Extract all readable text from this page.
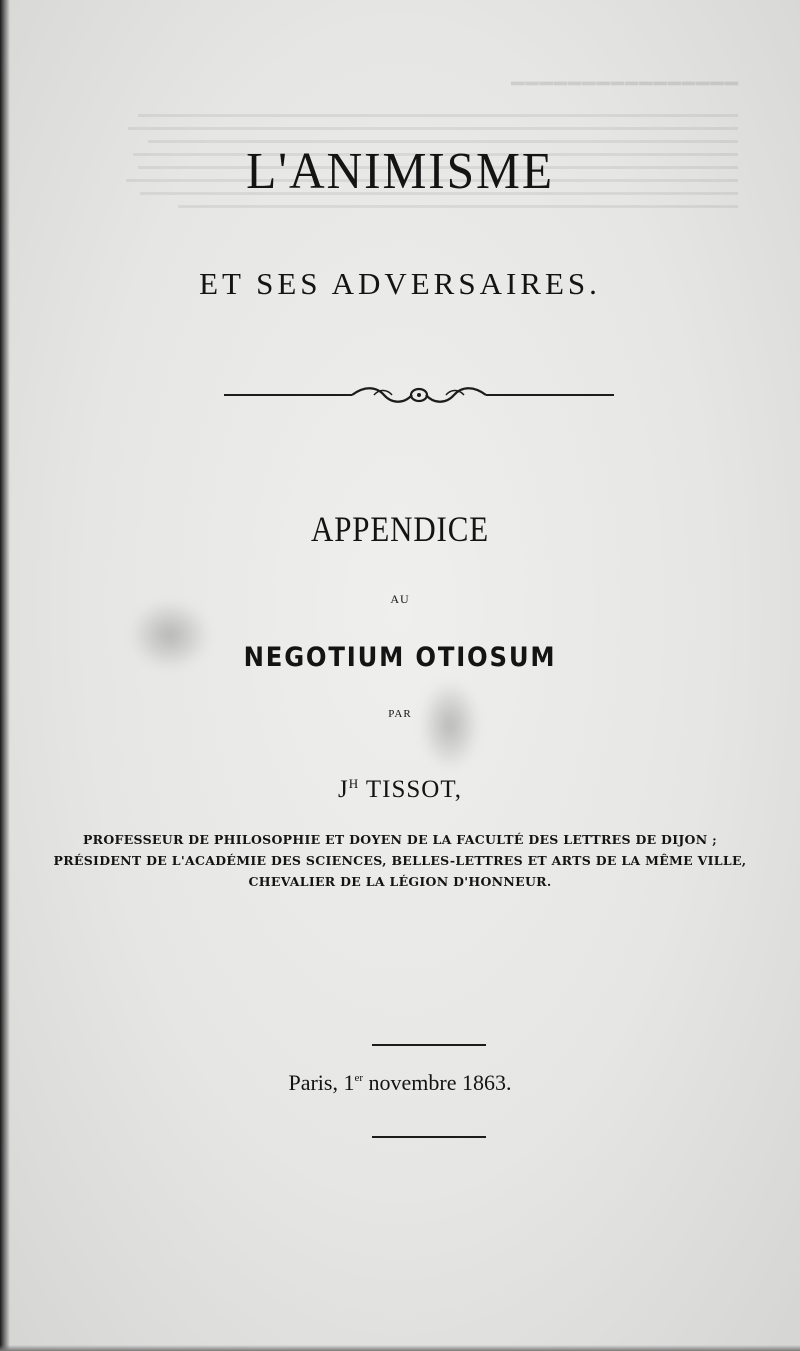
━━━━━━━━━━━━━━━━
L'ANIMISME
ET SES ADVERSAIRES.
APPENDICE
AU
NEGOTIUM OTIOSUM
PAR
$J^H$ TISSOT,
PROFESSEUR DE PHILOSOPHIE ET DOYEN DE LA FACULTÉ DES LETTRES DE DIJON ;
PRÉSIDENT DE L'ACADÉMIE DES SCIENCES, BELLES-LETTRES ET ARTS DE LA MÊME VILLE,
CHEVALIER DE LA LÉGION D'HONNEUR.
Paris, 1er novembre 1863.
